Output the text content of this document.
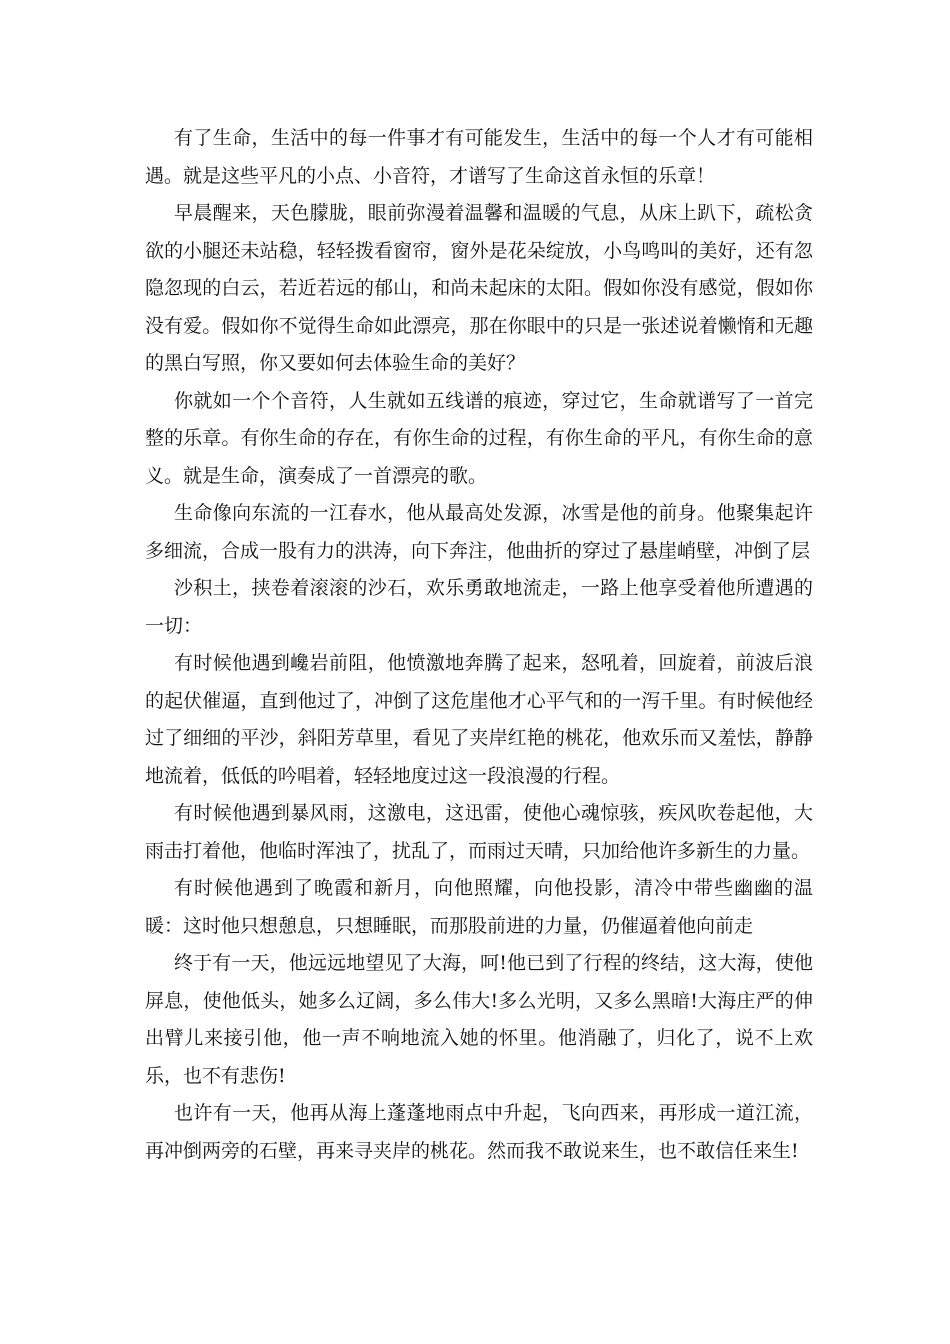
有了生命，生活中的每一件事才有可能发生，生活中的每一个人才有可能相遇。就是这些平凡的小点、小音符，才谱写了生命这首永恒的乐章！

早晨醒来，天色朦胧，眼前弥漫着温馨和温暖的气息，从床上趴下，疏松贪欲的小腿还未站稳，轻轻拨看窗帘，窗外是花朵绽放，小鸟鸣叫的美好，还有忽隐忽现的白云，若近若远的郁山，和尚未起床的太阳。假如你没有感觉，假如你没有爱。假如你不觉得生命如此漂亮，那在你眼中的只是一张述说着懒惰和无趣的黑白写照，你又要如何去体验生命的美好？

你就如一个个音符，人生就如五线谱的痕迹，穿过它，生命就谱写了一首完整的乐章。有你生命的存在，有你生命的过程，有你生命的平凡，有你生命的意义。就是生命，演奏成了一首漂亮的歌。

生命像向东流的一江春水，他从最高处发源，冰雪是他的前身。他聚集起许多细流，合成一股有力的洪涛，向下奔注，他曲折的穿过了悬崖峭壁，冲倒了层

沙积土，挟卷着滚滚的沙石，欢乐勇敢地流走，一路上他享受着他所遭遇的一切：

有时候他遇到巉岩前阻，他愤激地奔腾了起来，怒吼着，回旋着，前波后浪的起伏催逼，直到他过了，冲倒了这危崖他才心平气和的一泻千里。有时候他经过了细细的平沙，斜阳芳草里，看见了夹岸红艳的桃花，他欢乐而又羞怯，静静地流着，低低的吟唱着，轻轻地度过这一段浪漫的行程。

有时候他遇到暴风雨，这激电，这迅雷，使他心魂惊骇，疾风吹卷起他，大雨击打着他，他临时浑浊了，扰乱了，而雨过天晴，只加给他许多新生的力量。

有时候他遇到了晚霞和新月，向他照耀，向他投影，清冷中带些幽幽的温暖：这时他只想憩息，只想睡眠，而那股前进的力量，仍催逼着他向前走

终于有一天，他远远地望见了大海，呵!他已到了行程的终结，这大海，使他屏息，使他低头，她多么辽阔，多么伟大!多么光明，又多么黑暗!大海庄严的伸出臂儿来接引他，他一声不响地流入她的怀里。他消融了，归化了，说不上欢乐，也不有悲伤!

也许有一天，他再从海上蓬蓬地雨点中升起，飞向西来，再形成一道江流，再冲倒两旁的石壁，再来寻夹岸的桃花。然而我不敢说来生，也不敢信任来生!
